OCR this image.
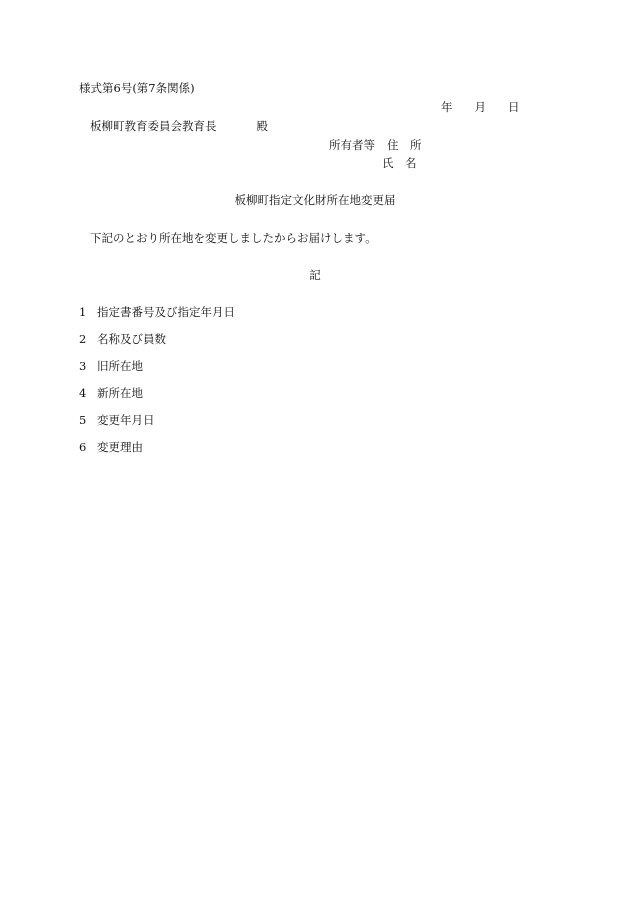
様式第6号(第7条関係)
年 月 日
板柳町教育委員会教育長	殿
所有者等 住　所
氏　名
板柳町指定文化財所在地変更届
下記のとおり所在地を変更しましたからお届けします。
記
1 指定書番号及び指定年月日
2 名称及び員数
3 旧所在地
4 新所在地
5 変更年月日
6 変更理由
